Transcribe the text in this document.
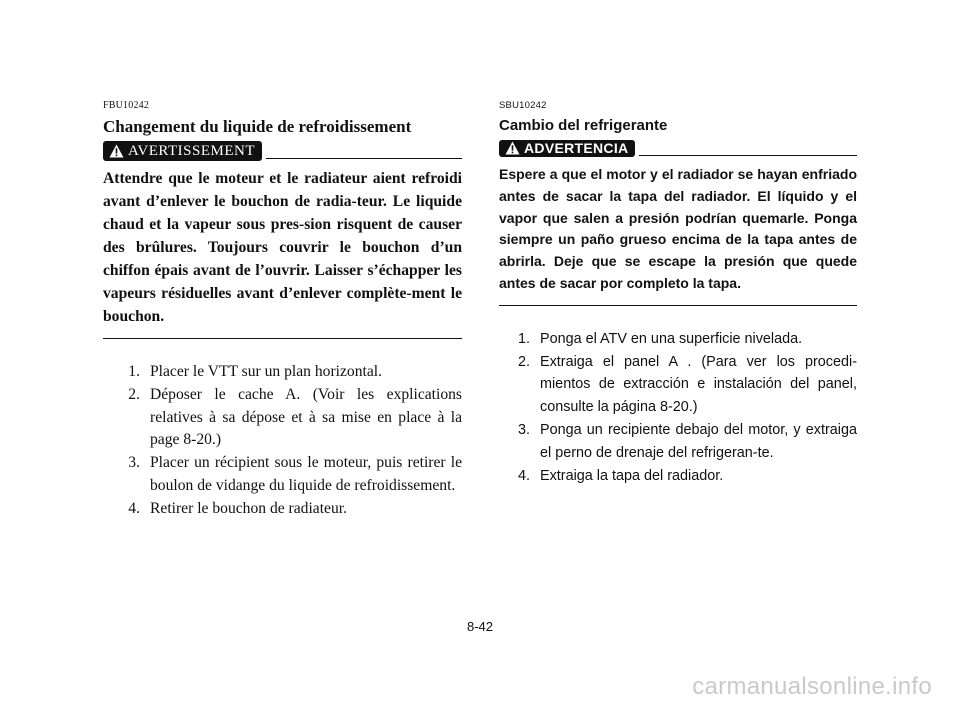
FBU10242
Changement du liquide de refroidissement
AVERTISSEMENT

Attendre que le moteur et le radiateur aient refroidi avant d’enlever le bouchon de radia-teur. Le liquide chaud et la vapeur sous pres-sion risquent de causer des brûlures. Toujours couvrir le bouchon d’un chiffon épais avant de l’ouvrir. Laisser s’échapper les vapeurs résiduelles avant d’enlever complète-ment le bouchon.

1. Placer le VTT sur un plan horizontal.
2. Déposer le cache A. (Voir les explications relatives à sa dépose et à sa mise en place à la page 8-20.)
3. Placer un récipient sous le moteur, puis retirer le boulon de vidange du liquide de refroidissement.
4. Retirer le bouchon de radiateur.
SBU10242
Cambio del refrigerante
ADVERTENCIA

Espere a que el motor y el radiador se hayan enfriado antes de sacar la tapa del radiador. El líquido y el vapor que salen a presión podrían quemarle. Ponga siempre un paño grueso encima de la tapa antes de abrirla. Deje que se escape la presión que quede antes de sacar por completo la tapa.

1. Ponga el ATV en una superficie nivelada.
2. Extraiga el panel A . (Para ver los procedi-mientos de extracción e instalación del panel, consulte la página 8-20.)
3. Ponga un recipiente debajo del motor, y extraiga el perno de drenaje del refrigeran-te.
4. Extraiga la tapa del radiador.
8-42
carmanualsonline.info
